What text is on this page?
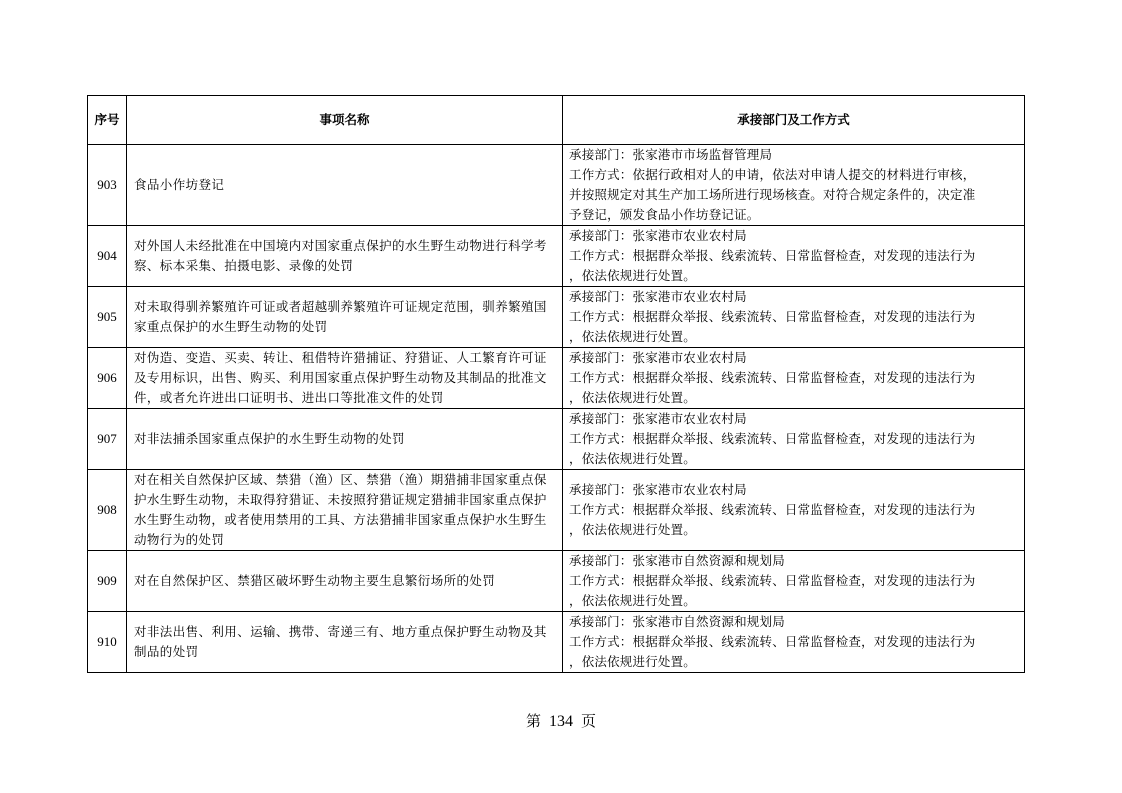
序号	事项名称	承接部门及工作方式
903	食品小作坊登记	承接部门：张家港市市场监督管理局
工作方式：依据行政相对人的申请，依法对申请人提交的材料进行审核，
并按照规定对其生产加工场所进行现场核查。对符合规定条件的，决定准
予登记，颁发食品小作坊登记证。

904	对外国人未经批准在中国境内对国家重点保护的水生野生动物进行科学考察、标本采集、拍摄电影、录像的处罚	承接部门：张家港市农业农村局
工作方式：根据群众举报、线索流转、日常监督检查，对发现的违法行为
，依法依规进行处置。

905	对未取得驯养繁殖许可证或者超越驯养繁殖许可证规定范围，驯养繁殖国家重点保护的水生野生动物的处罚	承接部门：张家港市农业农村局
工作方式：根据群众举报、线索流转、日常监督检查，对发现的违法行为
，依法依规进行处置。

906	对伪造、变造、买卖、转让、租借特许猎捕证、狩猎证、人工繁育许可证及专用标识，出售、购买、利用国家重点保护野生动物及其制品的批准文件，或者允许进出口证明书、进出口等批准文件的处罚	承接部门：张家港市农业农村局
工作方式：根据群众举报、线索流转、日常监督检查，对发现的违法行为
，依法依规进行处置。

907	对非法捕杀国家重点保护的水生野生动物的处罚	承接部门：张家港市农业农村局
工作方式：根据群众举报、线索流转、日常监督检查，对发现的违法行为
，依法依规进行处置。

908	对在相关自然保护区域、禁猎（渔）区、禁猎（渔）期猎捕非国家重点保护水生野生动物，未取得狩猎证、未按照狩猎证规定猎捕非国家重点保护水生野生动物，或者使用禁用的工具、方法猎捕非国家重点保护水生野生动物行为的处罚	承接部门：张家港市农业农村局
工作方式：根据群众举报、线索流转、日常监督检查，对发现的违法行为
，依法依规进行处置。

909	对在自然保护区、禁猎区破坏野生动物主要生息繁衍场所的处罚	承接部门：张家港市自然资源和规划局
工作方式：根据群众举报、线索流转、日常监督检查，对发现的违法行为
，依法依规进行处置。

910	对非法出售、利用、运输、携带、寄递三有、地方重点保护野生动物及其制品的处罚	承接部门：张家港市自然资源和规划局
工作方式：根据群众举报、线索流转、日常监督检查，对发现的违法行为
，依法依规进行处置。
第 134 页
